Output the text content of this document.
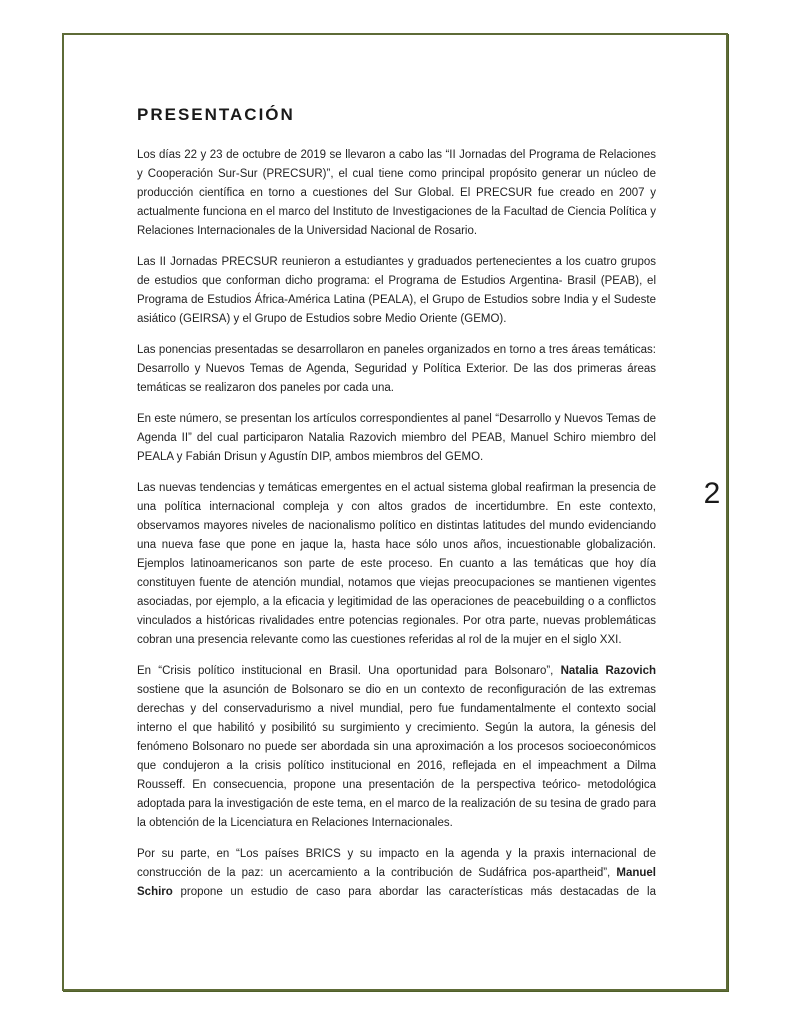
PRESENTACIÓN

Los días 22 y 23 de octubre de 2019 se llevaron a cabo las “II Jornadas del Programa de Relaciones y Cooperación Sur-Sur (PRECSUR)”, el cual tiene como principal propósito generar un núcleo de producción científica en torno a cuestiones del Sur Global. El PRECSUR fue creado en 2007 y actualmente funciona en el marco del Instituto de Investigaciones de la Facultad de Ciencia Política y Relaciones Internacionales de la Universidad Nacional de Rosario.

Las II Jornadas PRECSUR reunieron a estudiantes y graduados pertenecientes a los cuatro grupos de estudios que conforman dicho programa: el Programa de Estudios Argentina- Brasil (PEAB), el Programa de Estudios África-América Latina (PEALA), el Grupo de Estudios sobre India y el Sudeste asiático (GEIRSA) y el Grupo de Estudios sobre Medio Oriente (GEMO).

Las ponencias presentadas se desarrollaron en paneles organizados en torno a tres áreas temáticas: Desarrollo y Nuevos Temas de Agenda, Seguridad y Política Exterior. De las dos primeras áreas temáticas se realizaron dos paneles por cada una.

En este número, se presentan los artículos correspondientes al panel “Desarrollo y Nuevos Temas de Agenda II” del cual participaron Natalia Razovich miembro del PEAB, Manuel Schiro miembro del PEALA y Fabián Drisun y Agustín DIP, ambos miembros del GEMO.

Las nuevas tendencias y temáticas emergentes en el actual sistema global reafirman la presencia de una política internacional compleja y con altos grados de incertidumbre. En este contexto, observamos mayores niveles de nacionalismo político en distintas latitudes del mundo evidenciando una nueva fase que pone en jaque la, hasta hace sólo unos años, incuestionable globalización. Ejemplos latinoamericanos son parte de este proceso. En cuanto a las temáticas que hoy día constituyen fuente de atención mundial, notamos que viejas preocupaciones se mantienen vigentes asociadas, por ejemplo, a la eficacia y legitimidad de las operaciones de peacebuilding o a conflictos vinculados a históricas rivalidades entre potencias regionales. Por otra parte, nuevas problemáticas cobran una presencia relevante como las cuestiones referidas al rol de la mujer en el siglo XXI.

En “Crisis político institucional en Brasil. Una oportunidad para Bolsonaro”, Natalia Razovich sostiene que la asunción de Bolsonaro se dio en un contexto de reconfiguración de las extremas derechas y del conservadurismo a nivel mundial, pero fue fundamentalmente el contexto social interno el que habilitó y posibilitó su surgimiento y crecimiento. Según la autora, la génesis del fenómeno Bolsonaro no puede ser abordada sin una aproximación a los procesos socioeconómicos que condujeron a la crisis político institucional en 2016, reflejada en el impeachment a Dilma Rousseff. En consecuencia, propone una presentación de la perspectiva teórico- metodológica adoptada para la investigación de este tema, en el marco de la realización de su tesina de grado para la obtención de la Licenciatura en Relaciones Internacionales.

Por su parte, en “Los países BRICS y su impacto en la agenda y la praxis internacional de construcción de la paz: un acercamiento a la contribución de Sudáfrica pos-apartheid”, Manuel Schiro propone un estudio de caso para abordar las características más destacadas de la

2
